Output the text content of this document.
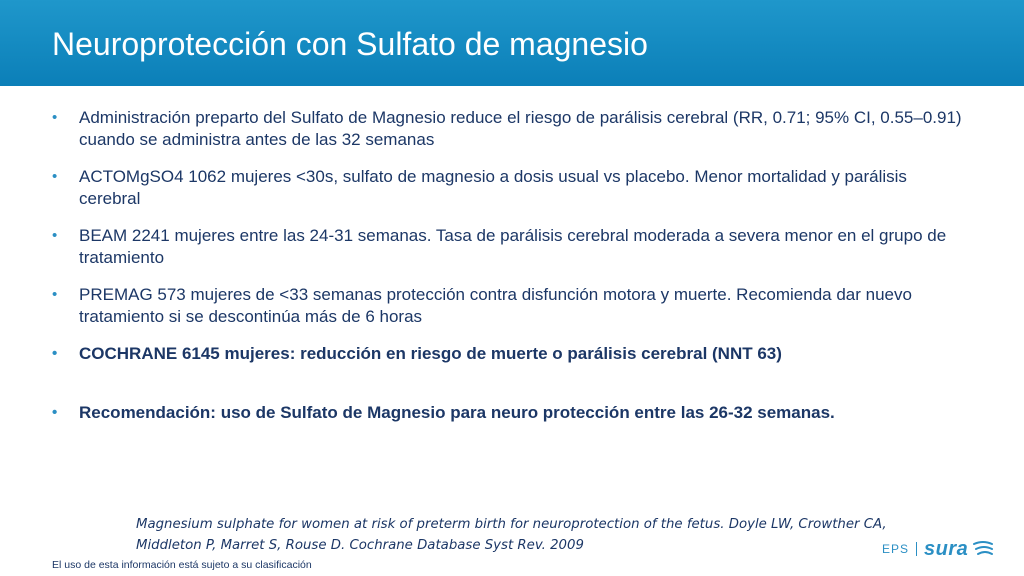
Neuroprotección con Sulfato de magnesio
• Administración preparto del Sulfato de Magnesio reduce el riesgo de parálisis cerebral (RR, 0.71; 95% CI, 0.55–0.91) cuando se administra antes de las 32 semanas
• ACTOMgSO4 1062 mujeres <30s, sulfato de magnesio a dosis usual vs placebo. Menor mortalidad y parálisis cerebral
• BEAM 2241 mujeres entre las 24-31 semanas. Tasa de parálisis cerebral moderada a severa menor en el grupo de tratamiento
• PREMAG 573 mujeres de <33 semanas protección contra disfunción motora y muerte. Recomienda dar nuevo tratamiento si se descontinúa más de 6 horas
• COCHRANE 6145 mujeres: reducción en riesgo de muerte o parálisis cerebral (NNT 63)
• Recomendación: uso de Sulfato de Magnesio para neuro protección entre las 26-32 semanas.
Magnesium sulphate for women at risk of preterm birth for neuroprotection of the fetus. Doyle LW, Crowther CA, Middleton P, Marret S, Rouse D. Cochrane Database Syst Rev. 2009
El uso de esta información está sujeto a su clasificación
EPS sura
